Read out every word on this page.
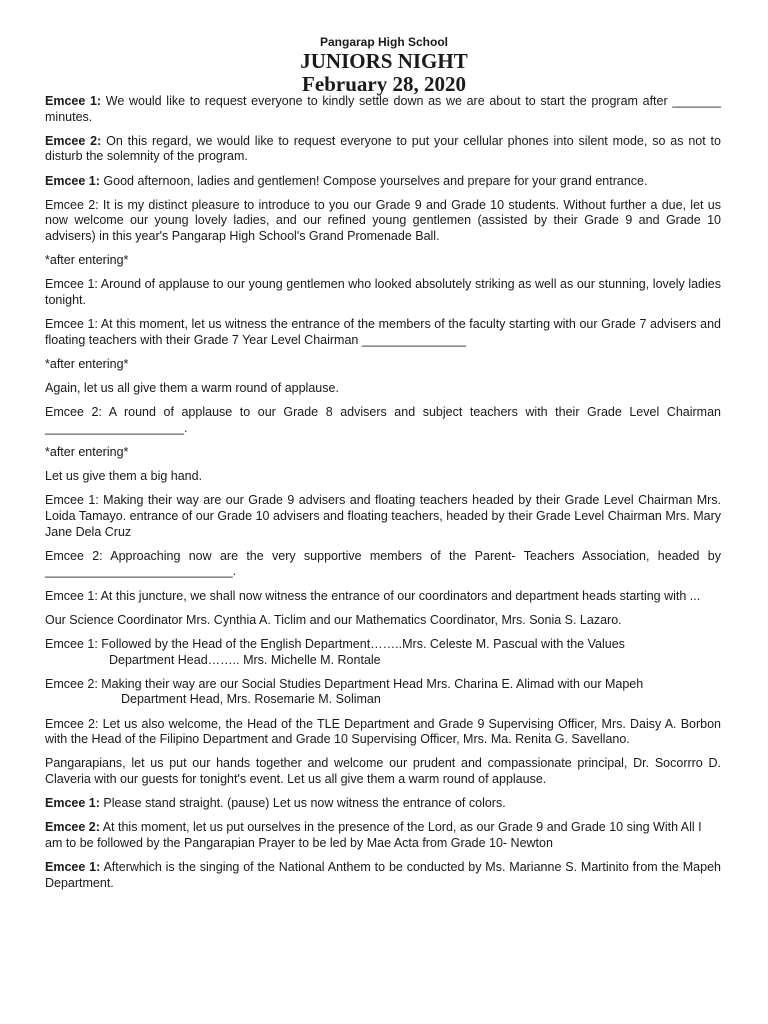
Pangarap High School
JUNIORS NIGHT
February 28, 2020

Emcee 1: We would like to request everyone to kindly settle down as we are about to start the program after _______ minutes.

Emcee 2: On this regard, we would like to request everyone to put your cellular phones into silent mode, so as not to disturb the solemnity of the program.

Emcee 1: Good afternoon, ladies and gentlemen! Compose yourselves and prepare for your grand entrance.

Emcee 2: It is my distinct pleasure to introduce to you our Grade 9 and Grade 10 students. Without further a due, let us now welcome our young lovely ladies, and our refined young gentlemen (assisted by their Grade 9 and Grade 10 advisers) in this year's Pangarap High School's Grand Promenade Ball.

*after entering*

Emcee 1: Around of applause to our young gentlemen who looked absolutely striking as well as our stunning, lovely ladies tonight.

Emcee 1: At this moment, let us witness the entrance of the members of the faculty starting with our Grade 7 advisers and floating teachers with their Grade 7 Year Level Chairman _______________

*after entering*

Again, let us all give them a warm round of applause.

Emcee 2: A round of applause to our Grade 8 advisers and subject teachers with their Grade Level Chairman ____________________.

*after entering*

Let us give them a big hand.

Emcee 1: Making their way are our Grade 9 advisers and floating teachers headed by their Grade Level Chairman Mrs. Loida Tamayo. entrance of our Grade 10 advisers and floating teachers, headed by their Grade Level Chairman Mrs. Mary Jane Dela Cruz

Emcee 2: Approaching now are the very supportive members of the Parent- Teachers Association, headed by ___________________________.

Emcee 1: At this juncture, we shall now witness the entrance of our coordinators and department heads starting with ...

Our Science Coordinator Mrs. Cynthia A. Ticlim and our Mathematics Coordinator, Mrs. Sonia S. Lazaro.

Emcee 1: Followed by the Head of the English Department……..Mrs. Celeste M. Pascual with the Values
Department Head…….. Mrs. Michelle M. Rontale

Emcee 2: Making their way are our Social Studies Department Head Mrs. Charina E. Alimad with our Mapeh
Department Head, Mrs. Rosemarie M. Soliman

Emcee 2: Let us also welcome, the Head of the TLE Department and Grade 9 Supervising Officer, Mrs. Daisy A. Borbon with the Head of the Filipino Department and Grade 10 Supervising Officer, Mrs. Ma. Renita G. Savellano.

Pangarapians, let us put our hands together and welcome our prudent and compassionate principal, Dr. Socorrro D. Claveria with our guests for tonight's event. Let us all give them a warm round of applause.

Emcee 1: Please stand straight. (pause) Let us now witness the entrance of colors.

Emcee 2: At this moment, let us put ourselves in the presence of the Lord, as our Grade 9 and Grade 10 sing With All I am to be followed by the Pangarapian Prayer to be led by Mae Acta from Grade 10- Newton

Emcee 1: Afterwhich is the singing of the National Anthem to be conducted by Ms. Marianne S. Martinito from the Mapeh Department.
